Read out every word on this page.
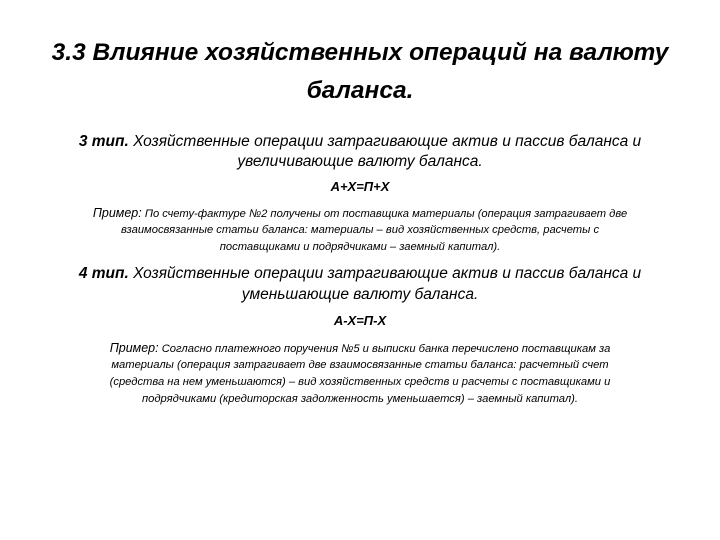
3.3 Влияние хозяйственных операций на валюту
баланса.
3 тип. Хозяйственные операции затрагивающие актив и пассив баланса и
увеличивающие валюту баланса.
А+Х=П+Х
Пример: По счету-фактуре №2 получены от поставщика материалы (операция затрагивает две
взаимосвязанные статьи баланса: материалы – вид хозяйственных средств, расчеты с
поставщиками и подрядчиками – заемный капитал).
4 тип. Хозяйственные операции затрагивающие актив и пассив баланса и
уменьшающие валюту баланса.
А-Х=П-Х
Пример: Согласно платежного поручения №5 и выписки банка перечислено поставщикам за
материалы (операция затрагивает две взаимосвязанные статьи баланса: расчетный счет
(средства на нем уменьшаются) – вид хозяйственных средств и расчеты с поставщиками и
подрядчиками (кредиторская задолженность уменьшается) – заемный капитал).
